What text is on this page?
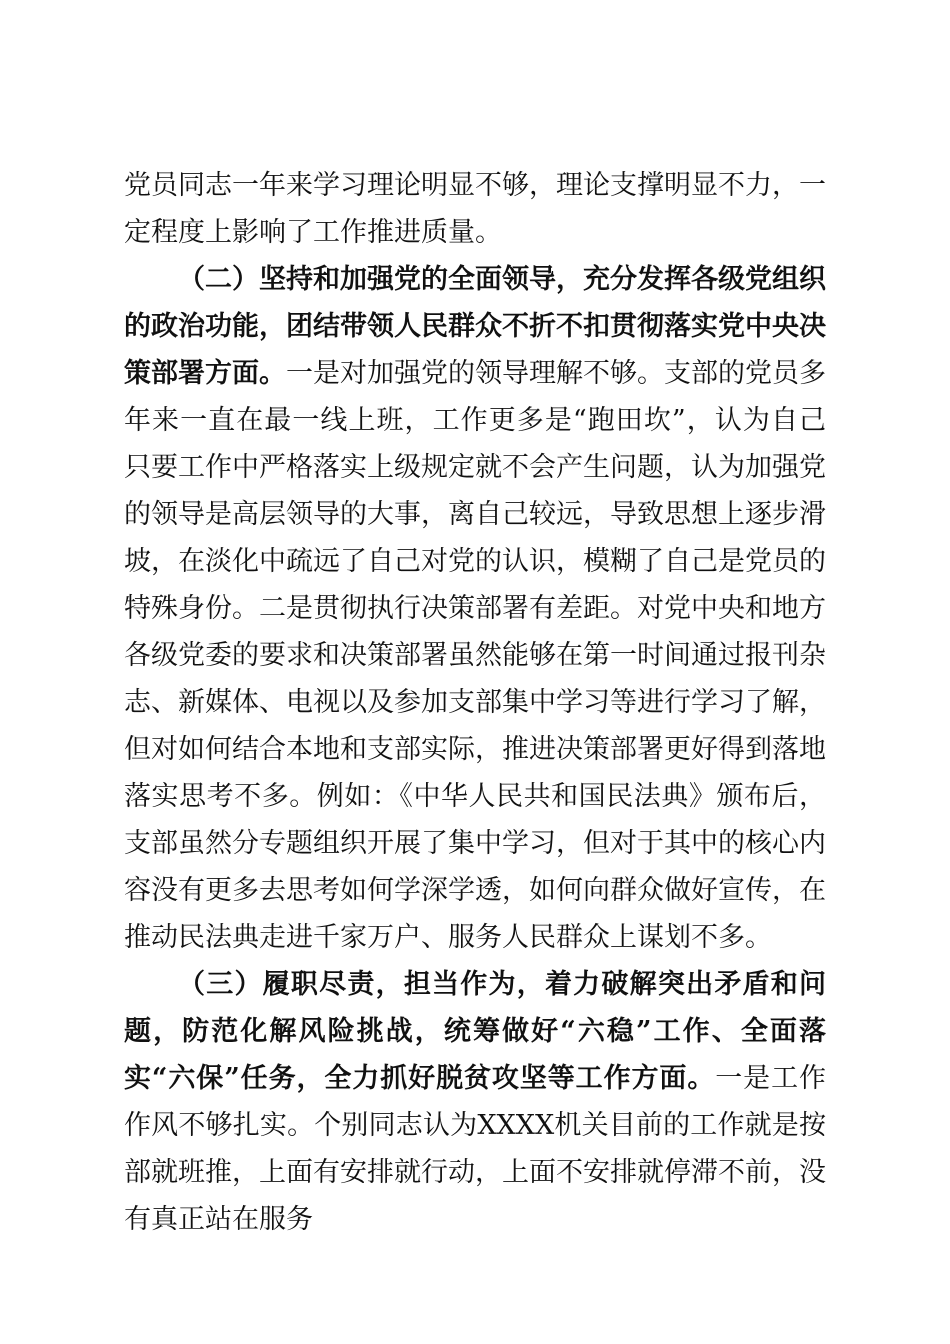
党员同志一年来学习理论明显不够，理论支撑明显不力，一定程度上影响了工作推进质量。

（二）坚持和加强党的全面领导，充分发挥各级党组织的政治功能，团结带领人民群众不折不扣贯彻落实党中央决策部署方面。一是对加强党的领导理解不够。支部的党员多年来一直在最一线上班，工作更多是“跑田坎”，认为自己只要工作中严格落实上级规定就不会产生问题，认为加强党的领导是高层领导的大事，离自己较远，导致思想上逐步滑坡，在淡化中疏远了自己对党的认识，模糊了自己是党员的特殊身份。二是贯彻执行决策部署有差距。对党中央和地方各级党委的要求和决策部署虽然能够在第一时间通过报刊杂志、新媒体、电视以及参加支部集中学习等进行学习了解，但对如何结合本地和支部实际，推进决策部署更好得到落地落实思考不多。例如：《中华人民共和国民法典》颁布后，支部虽然分专题组织开展了集中学习，但对于其中的核心内容没有更多去思考如何学深学透，如何向群众做好宣传，在推动民法典走进千家万户、服务人民群众上谋划不多。

（三）履职尽责，担当作为，着力破解突出矛盾和问题，防范化解风险挑战，统筹做好“六稳”工作、全面落实“六保”任务，全力抓好脱贫攻坚等工作方面。一是工作作风不够扎实。个别同志认为XXXX机关目前的工作就是按部就班推，上面有安排就行动，上面不安排就停滞不前，没有真正站在服务
